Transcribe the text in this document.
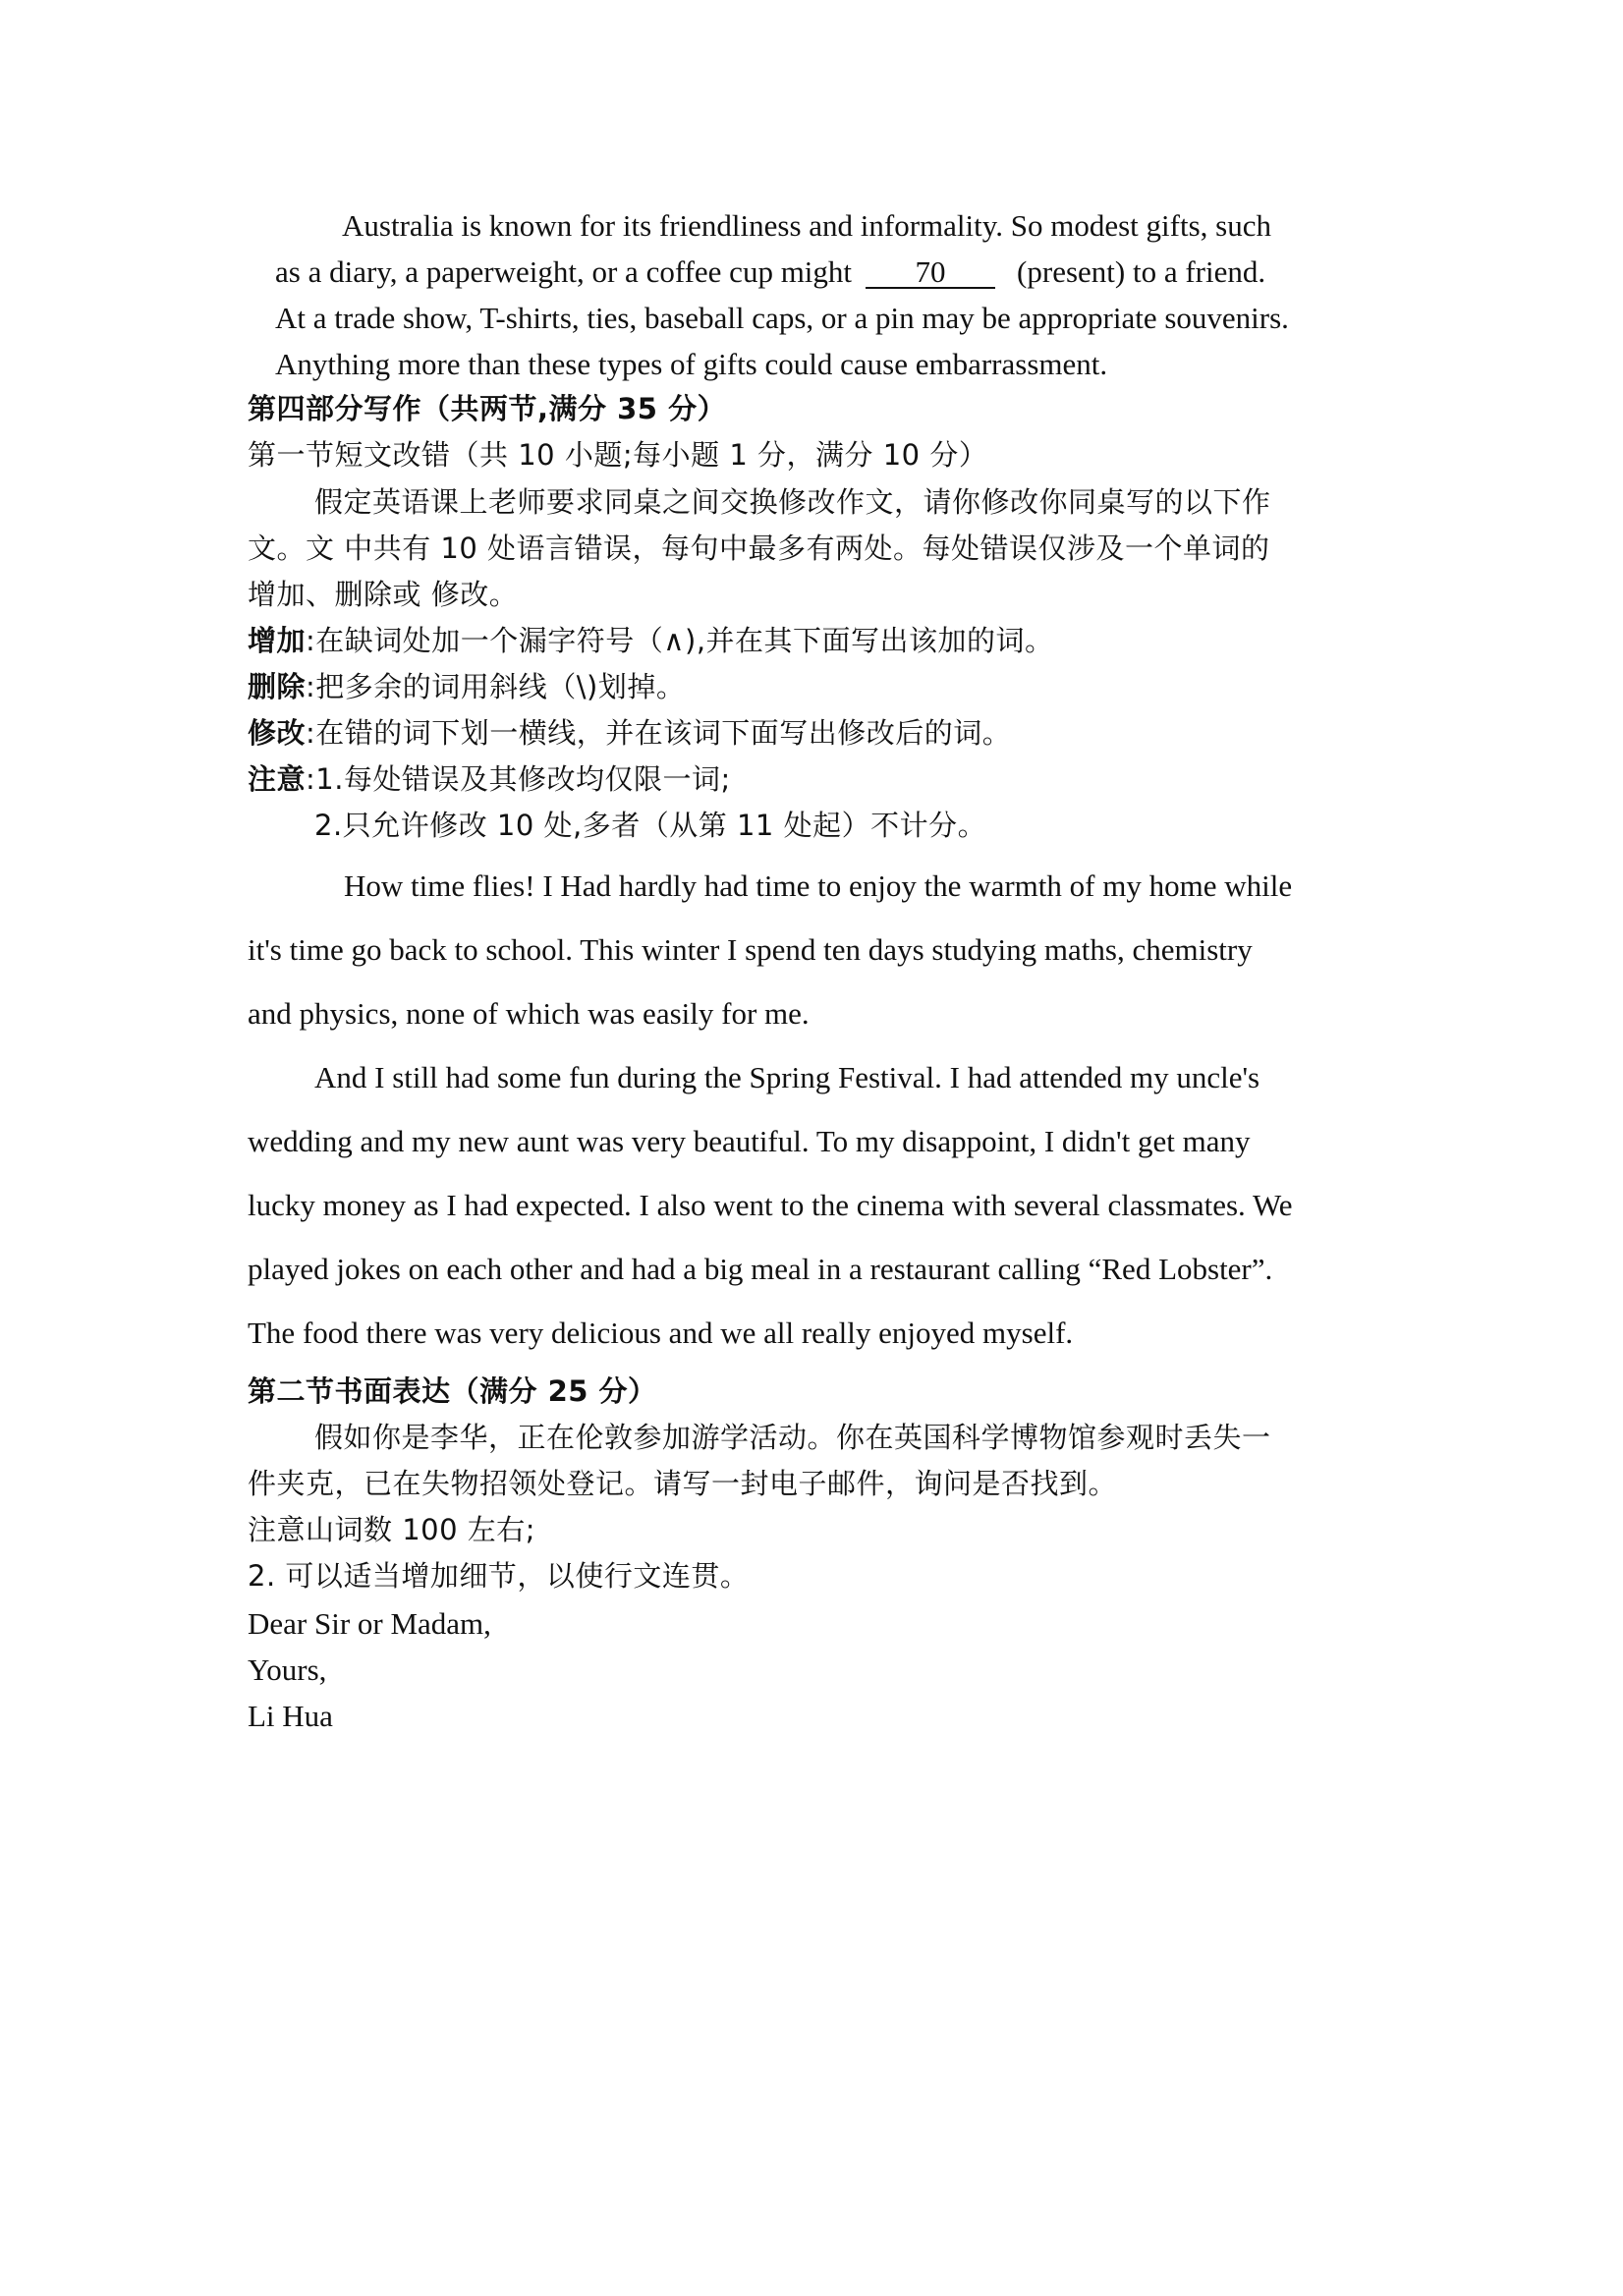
Australia is known for its friendliness and informality. So modest gifts, such
as a diary, a paperweight, or a coffee cup might 70 (present) to a friend.
At a trade show, T-shirts, ties, baseball caps, or a pin may be appropriate souvenirs.
Anything more than these types of gifts could cause embarrassment.
第四部分写作（共两节,满分 35 分）
第一节短文改错（共 10 小题;每小题 1 分，满分 10 分）
假定英语课上老师要求同桌之间交换修改作文，请你修改你同桌写的以下作
文。文 中共有 10 处语言错误，每句中最多有两处。每处错误仅涉及一个单词的
增加、删除或 修改。
增加:在缺词处加一个漏字符号（∧),并在其下面写出该加的词。
删除:把多余的词用斜线（\)划掉。
修改:在错的词下划一横线，并在该词下面写出修改后的词。
注意:1.每处错误及其修改均仅限一词;
2.只允许修改 10 处,多者（从第 11 处起）不计分。
How time flies! I Had hardly had time to enjoy the warmth of my home while
it's time go back to school. This winter I spend ten days studying maths, chemistry
and physics, none of which was easily for me.
And I still had some fun during the Spring Festival. I had attended my uncle's
wedding and my new aunt was very beautiful. To my disappoint, I didn't get many
lucky money as I had expected. I also went to the cinema with several classmates. We
played jokes on each other and had a big meal in a restaurant calling “Red Lobster”.
The food there was very delicious and we all really enjoyed myself.
第二节书面表达（满分 25 分）
假如你是李华，正在伦敦参加游学活动。你在英国科学博物馆参观时丢失一
件夹克，已在失物招领处登记。请写一封电子邮件，询问是否找到。
注意山词数 100 左右;
2. 可以适当增加细节，以使行文连贯。
Dear Sir or Madam,
Yours,
Li Hua
